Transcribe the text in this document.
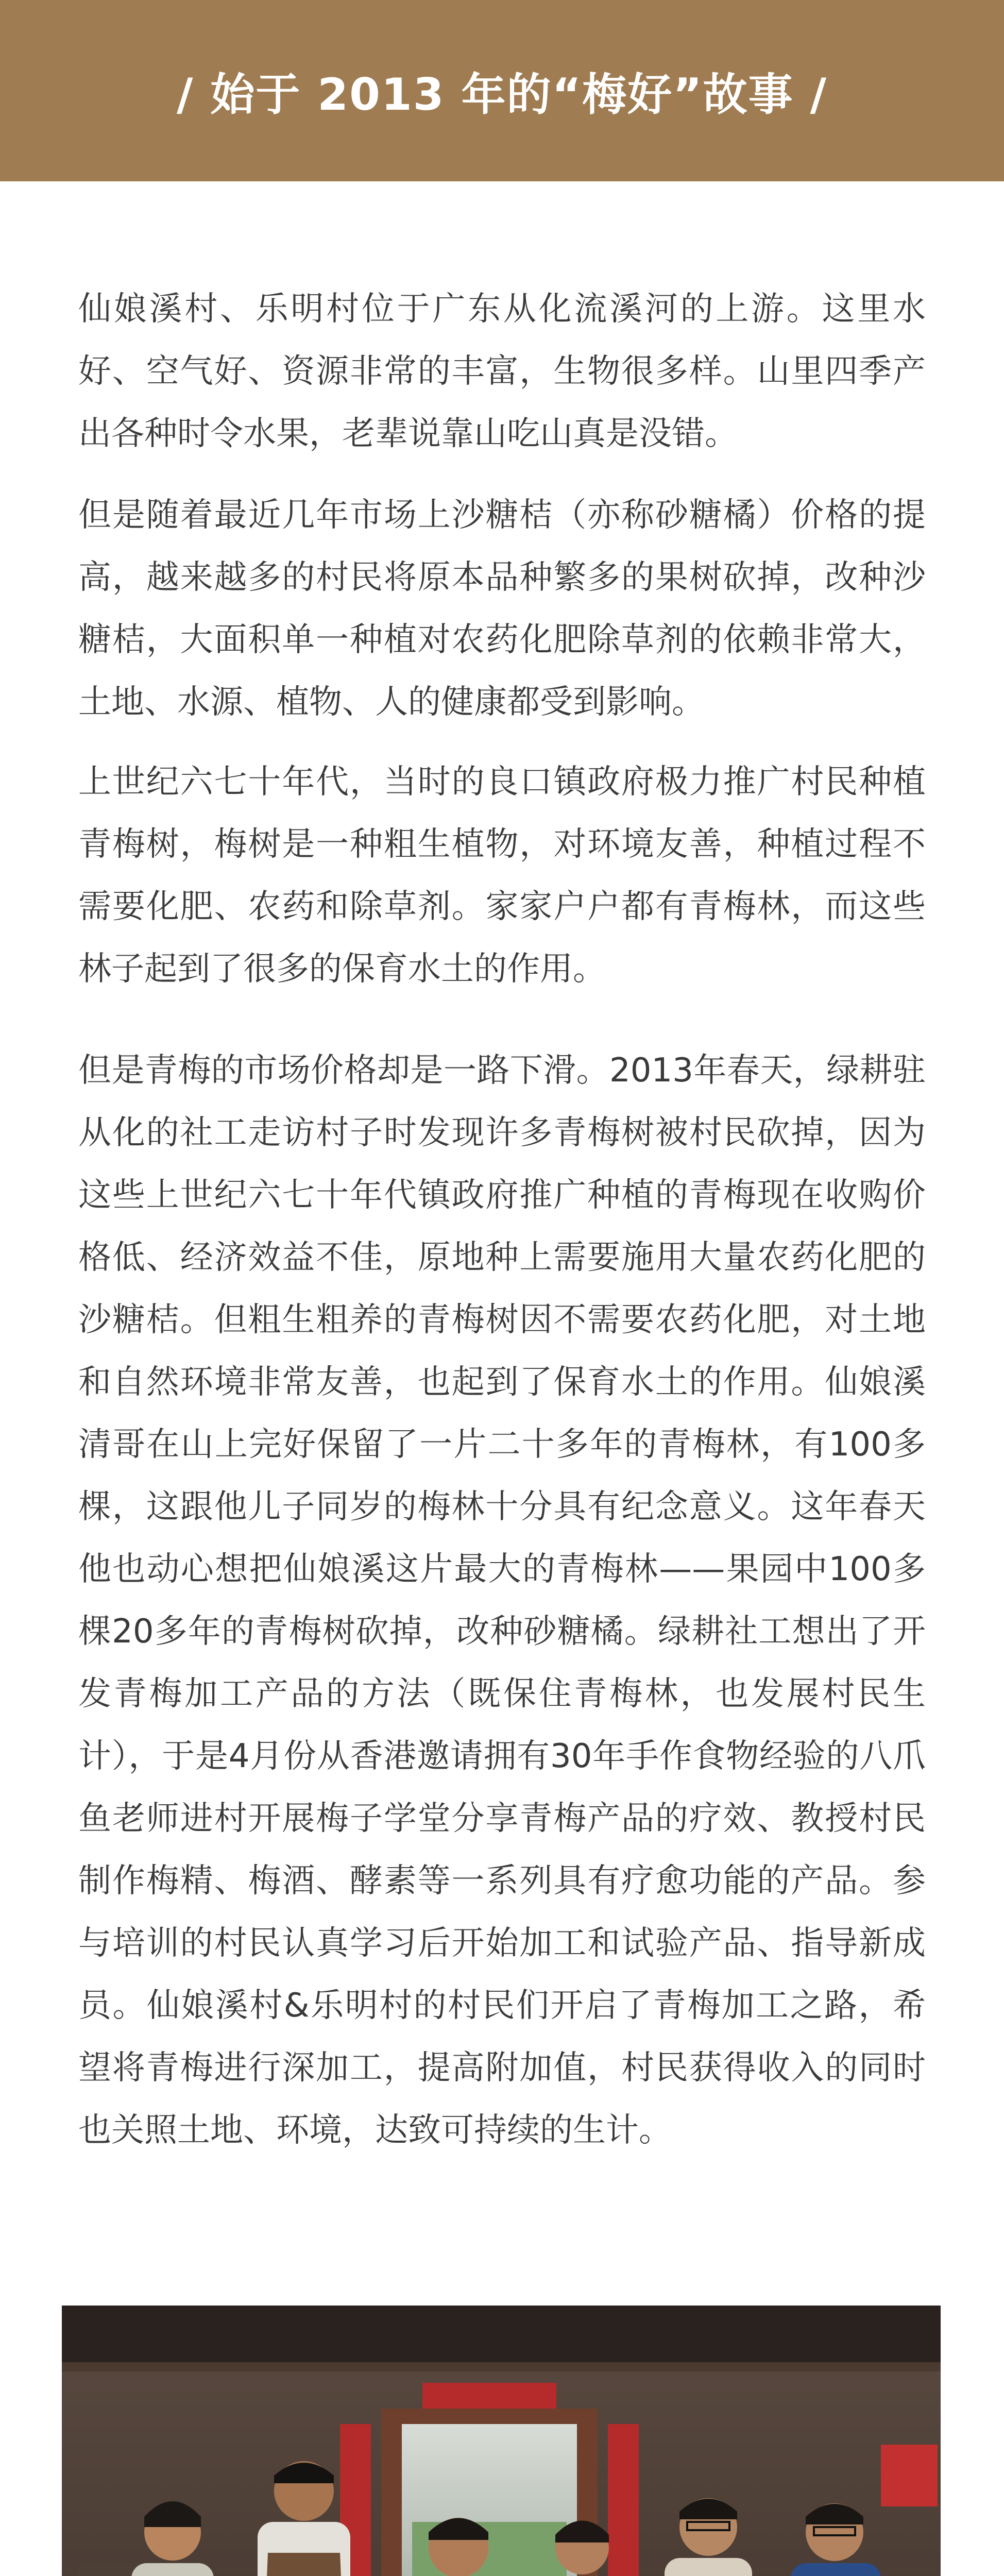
/ 始于 2013 年的“梅好”故事 /

仙娘溪村、乐明村位于广东从化流溪河的上游。这里水好、空气好、资源非常的丰富，生物很多样。山里四季产出各种时令水果，老辈说靠山吃山真是没错。

但是随着最近几年市场上沙糖桔（亦称砂糖橘）价格的提高，越来越多的村民将原本品种繁多的果树砍掉，改种沙糖桔，大面积单一种植对农药化肥除草剂的依赖非常大，土地、水源、植物、人的健康都受到影响。

上世纪六七十年代，当时的良口镇政府极力推广村民种植青梅树，梅树是一种粗生植物，对环境友善，种植过程不需要化肥、农药和除草剂。家家户户都有青梅林，而这些林子起到了很多的保育水土的作用。

但是青梅的市场价格却是一路下滑。2013年春天，绿耕驻从化的社工走访村子时发现许多青梅树被村民砍掉，因为这些上世纪六七十年代镇政府推广种植的青梅现在收购价格低、经济效益不佳，原地种上需要施用大量农药化肥的沙糖桔。但粗生粗养的青梅树因不需要农药化肥，对土地和自然环境非常友善，也起到了保育水土的作用。仙娘溪清哥在山上完好保留了一片二十多年的青梅林，有100多棵，这跟他儿子同岁的梅林十分具有纪念意义。这年春天他也动心想把仙娘溪这片最大的青梅林——果园中100多棵20多年的青梅树砍掉，改种砂糖橘。绿耕社工想出了开发青梅加工产品的方法（既保住青梅林，也发展村民生计），于是4月份从香港邀请拥有30年手作食物经验的八爪鱼老师进村开展梅子学堂分享青梅产品的疗效、教授村民制作梅精、梅酒、酵素等一系列具有疗愈功能的产品。参与培训的村民认真学习后开始加工和试验产品、指导新成员。仙娘溪村&乐明村的村民们开启了青梅加工之路，希望将青梅进行深加工，提高附加值，村民获得收入的同时也关照土地、环境，达致可持续的生计。
